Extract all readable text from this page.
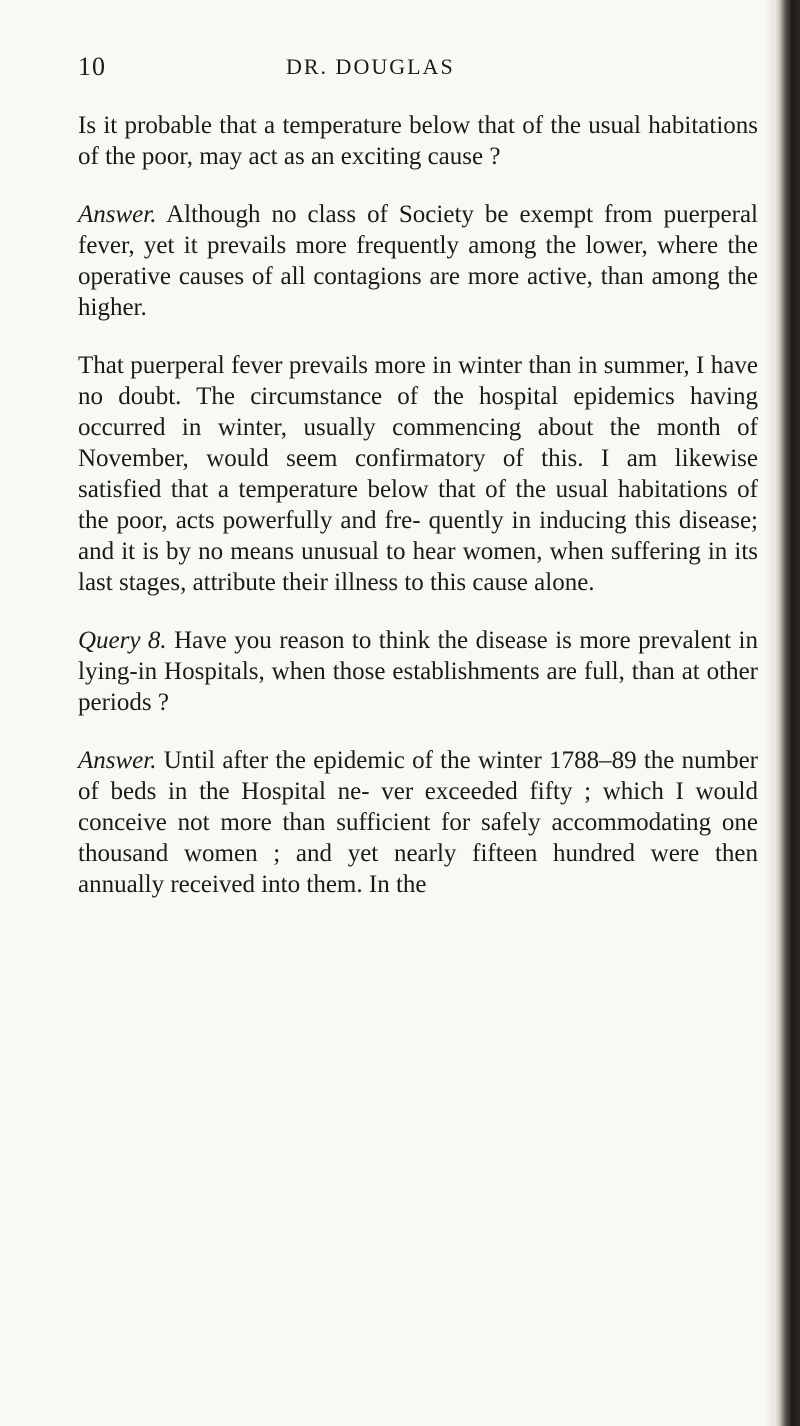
10	DR. DOUGLAS

Is it probable that a temperature below that of the usual habitations of the poor, may act as an exciting cause ?

Answer. Although no class of Society be exempt from puerperal fever, yet it prevails more frequently among the lower, where the operative causes of all contagions are more active, than among the higher.

That puerperal fever prevails more in winter than in summer, I have no doubt. The circumstance of the hospital epidemics having occurred in winter, usually commencing about the month of November, would seem confirmatory of this. I am likewise satisfied that a temperature below that of the usual habitations of the poor, acts powerfully and fre- quently in inducing this disease; and it is by no means unusual to hear women, when suffering in its last stages, attribute their illness to this cause alone.

Query 8. Have you reason to think the disease is more prevalent in lying-in Hospitals, when those establishments are full, than at other periods ?

Answer. Until after the epidemic of the winter 1788–89 the number of beds in the Hospital ne- ver exceeded fifty ; which I would conceive not more than sufficient for safely accommodating one thousand women ; and yet nearly fifteen hundred were then annually received into them. In the
